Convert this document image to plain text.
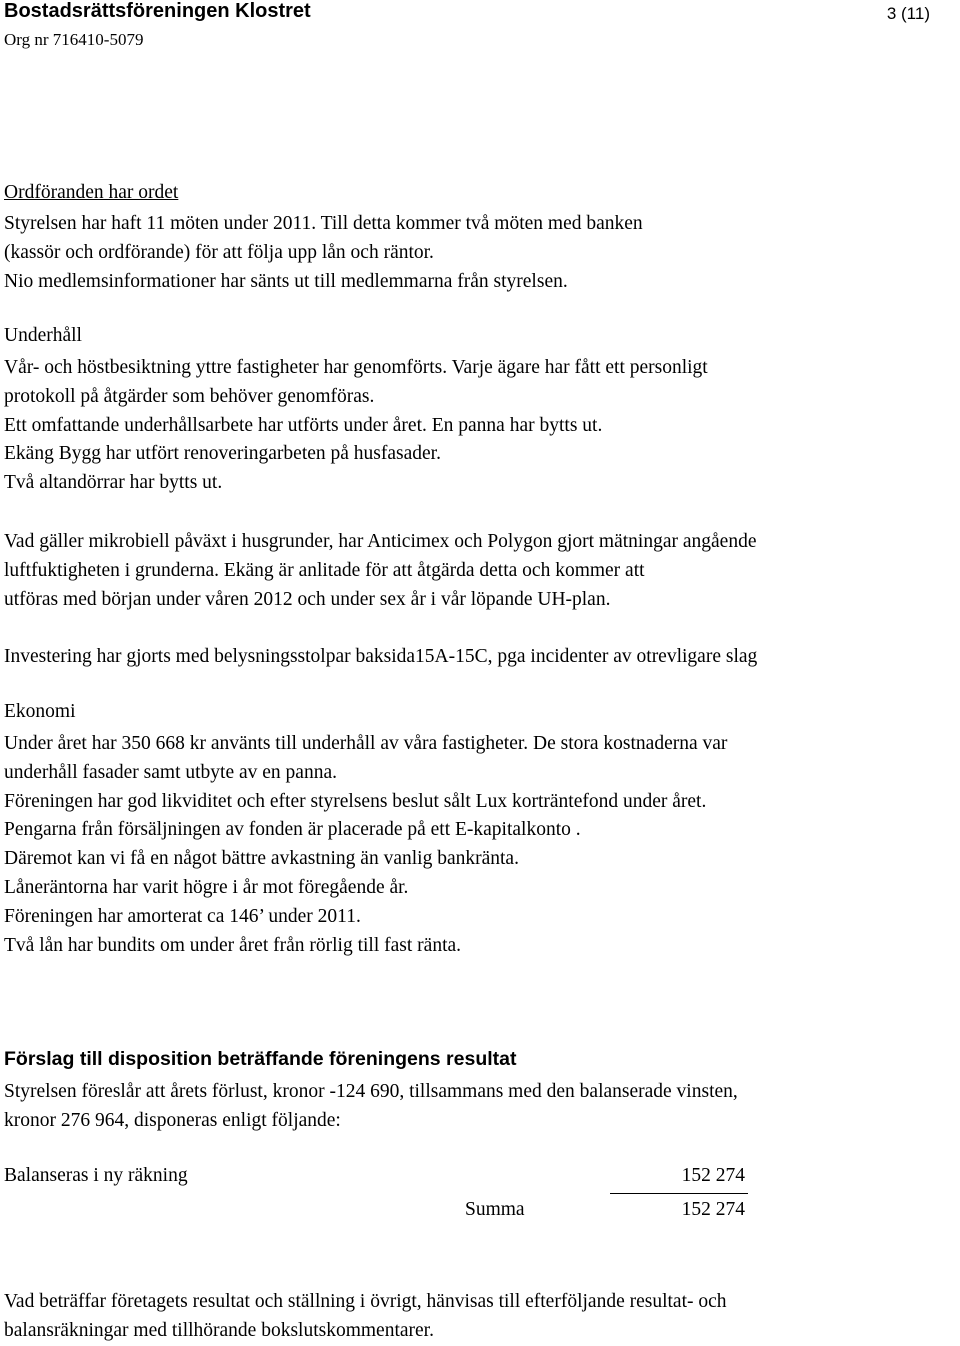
Bostadsrättsföreningen Klostret
Org nr 716410-5079
3 (11)
Ordföranden har ordet
Styrelsen har haft 11 möten under 2011. Till detta kommer två möten med banken
(kassör och ordförande) för att följa upp lån och räntor.
Nio medlemsinformationer har sänts ut till medlemmarna från styrelsen.
Underhåll
Vår- och höstbesiktning yttre fastigheter har genomförts. Varje ägare har fått ett personligt
protokoll på åtgärder som behöver genomföras.
Ett omfattande underhållsarbete har utförts under året. En panna har bytts ut.
Ekäng Bygg har utfört renoveringarbeten på husfasader.
Två altandörrar har bytts ut.
Vad gäller mikrobiell påväxt i husgrunder, har Anticimex och Polygon gjort mätningar angående
luftfuktigheten i grunderna. Ekäng är anlitade för att åtgärda detta och kommer att
utföras med början under våren 2012 och under sex år i vår löpande UH-plan.
Investering har gjorts med belysningsstolpar baksida15A-15C, pga incidenter av otrevligare slag
Ekonomi
Under året har 350 668 kr använts till underhåll av våra fastigheter. De stora kostnaderna var
underhåll fasader samt utbyte av en panna.
Föreningen har god likviditet och efter styrelsens beslut sålt Lux korträntefond under året.
Pengarna från försäljningen av fonden är placerade på ett E-kapitalkonto .
Däremot kan vi få en något bättre avkastning än vanlig bankränta.
Låneräntorna har varit högre i år mot föregående år.
Föreningen har amorterat ca 146’ under 2011.
Två lån har bundits om under året från rörlig till fast ränta.
Förslag till disposition beträffande föreningens resultat
Styrelsen föreslår att årets förlust, kronor -124 690, tillsammans med den balanserade vinsten,
kronor 276 964, disponeras enligt följande:
Balanseras i ny räkning	152 274
Summa	152 274
Vad beträffar företagets resultat och ställning i övrigt, hänvisas till efterföljande resultat- och
balansräkningar med tillhörande bokslutskommentarer.
